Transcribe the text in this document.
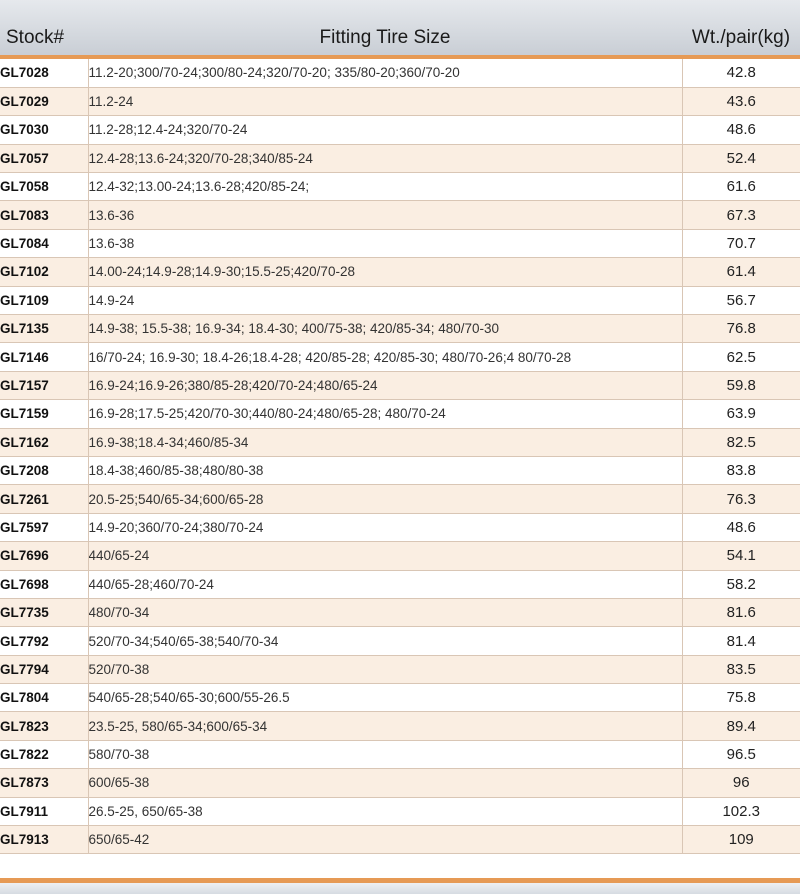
Stock#	Fitting Tire Size	Wt./pair(kg)
GL7028	11.2-20;300/70-24;300/80-24;320/70-20; 335/80-20;360/70-20	42.8
GL7029	11.2-24	43.6
GL7030	11.2-28;12.4-24;320/70-24	48.6
GL7057	12.4-28;13.6-24;320/70-28;340/85-24	52.4
GL7058	12.4-32;13.00-24;13.6-28;420/85-24;	61.6
GL7083	13.6-36	67.3
GL7084	13.6-38	70.7
GL7102	14.00-24;14.9-28;14.9-30;15.5-25;420/70-28	61.4
GL7109	14.9-24	56.7
GL7135	14.9-38; 15.5-38; 16.9-34; 18.4-30; 400/75-38; 420/85-34; 480/70-30	76.8
GL7146	16/70-24; 16.9-30; 18.4-26;18.4-28; 420/85-28; 420/85-30; 480/70-26;4 80/70-28	62.5
GL7157	16.9-24;16.9-26;380/85-28;420/70-24;480/65-24	59.8
GL7159	16.9-28;17.5-25;420/70-30;440/80-24;480/65-28; 480/70-24	63.9
GL7162	16.9-38;18.4-34;460/85-34	82.5
GL7208	18.4-38;460/85-38;480/80-38	83.8
GL7261	20.5-25;540/65-34;600/65-28	76.3
GL7597	14.9-20;360/70-24;380/70-24	48.6
GL7696	440/65-24	54.1
GL7698	440/65-28;460/70-24	58.2
GL7735	480/70-34	81.6
GL7792	520/70-34;540/65-38;540/70-34	81.4
GL7794	520/70-38	83.5
GL7804	540/65-28;540/65-30;600/55-26.5	75.8
GL7823	23.5-25, 580/65-34;600/65-34	89.4
GL7822	580/70-38	96.5
GL7873	600/65-38	96
GL7911	26.5-25, 650/65-38	102.3
GL7913	650/65-42	109
